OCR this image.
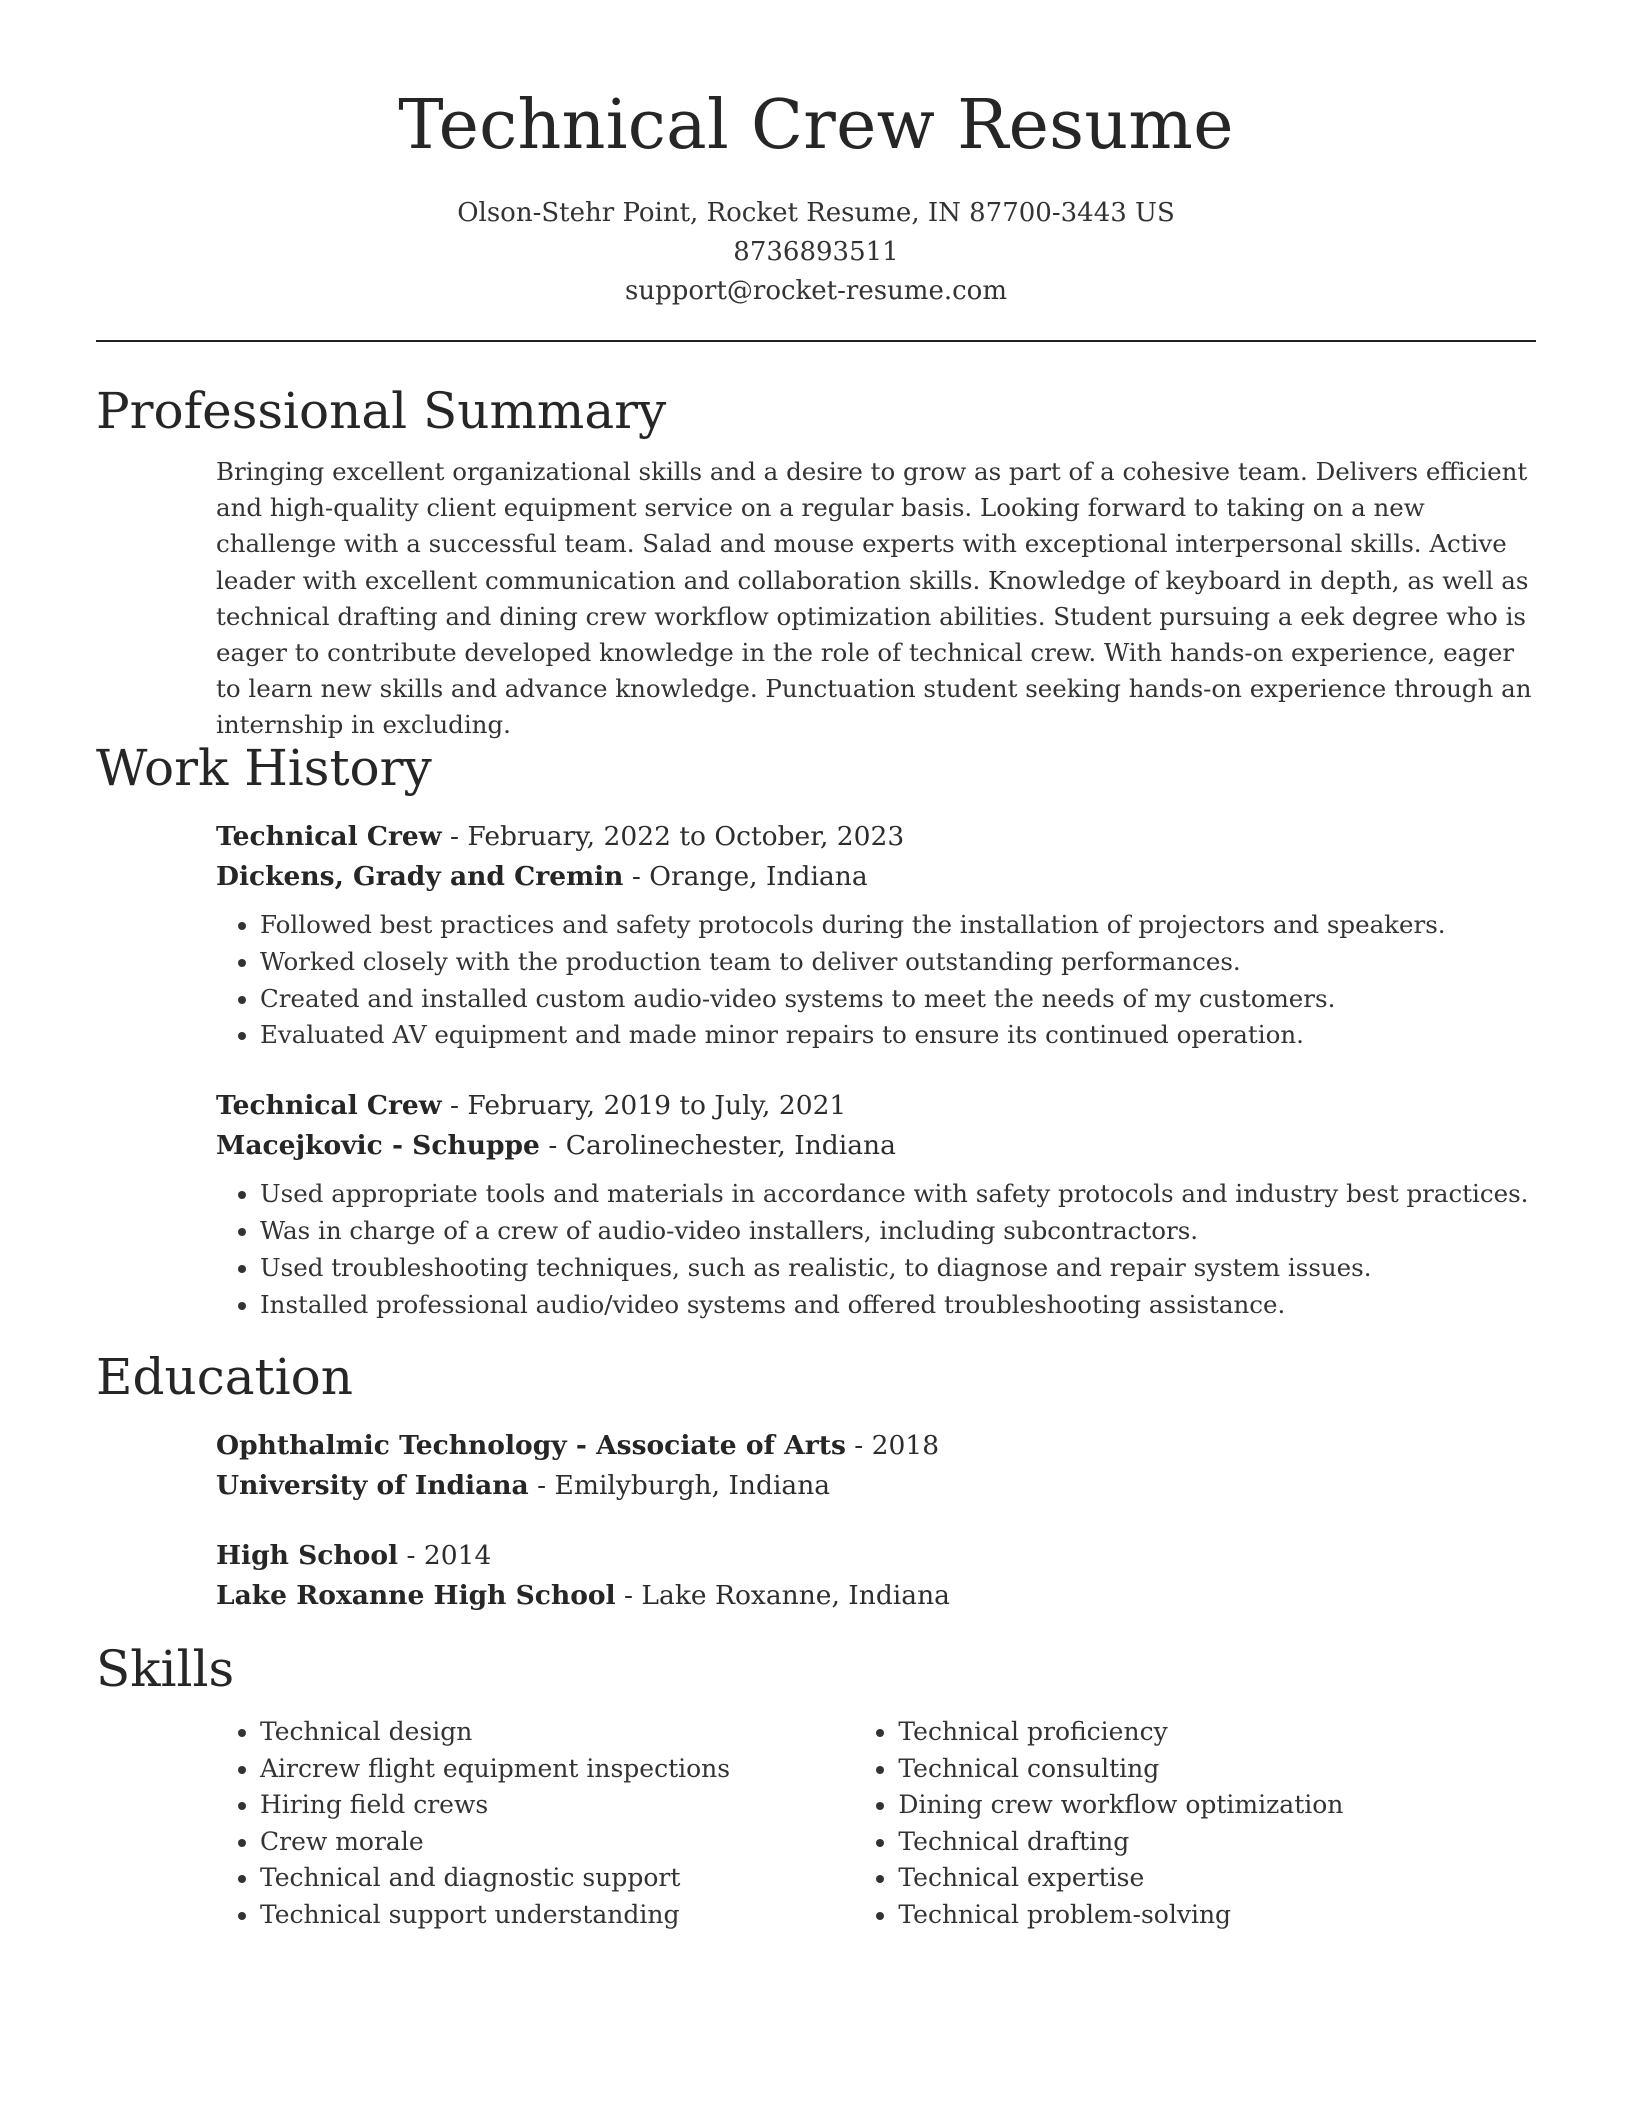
Technical Crew Resume
Olson-Stehr Point, Rocket Resume, IN 87700-3443 US
8736893511
support@rocket-resume.com
Professional Summary

Bringing excellent organizational skills and a desire to grow as part of a cohesive team. Delivers efficient and high-quality client equipment service on a regular basis. Looking forward to taking on a new challenge with a successful team. Salad and mouse experts with exceptional interpersonal skills. Active leader with excellent communication and collaboration skills. Knowledge of keyboard in depth, as well as technical drafting and dining crew workflow optimization abilities. Student pursuing a eek degree who is eager to contribute developed knowledge in the role of technical crew. With hands-on experience, eager to learn new skills and advance knowledge. Punctuation student seeking hands-on experience through an internship in excluding.

Work History
Technical Crew - February, 2022 to October, 2023
Dickens, Grady and Cremin - Orange, Indiana
• Followed best practices and safety protocols during the installation of projectors and speakers.
• Worked closely with the production team to deliver outstanding performances.
• Created and installed custom audio-video systems to meet the needs of my customers.
• Evaluated AV equipment and made minor repairs to ensure its continued operation.
Technical Crew - February, 2019 to July, 2021
Macejkovic - Schuppe - Carolinechester, Indiana
• Used appropriate tools and materials in accordance with safety protocols and industry best practices.
• Was in charge of a crew of audio-video installers, including subcontractors.
• Used troubleshooting techniques, such as realistic, to diagnose and repair system issues.
• Installed professional audio/video systems and offered troubleshooting assistance.
Education
Ophthalmic Technology - Associate of Arts - 2018
University of Indiana - Emilyburgh, Indiana
High School - 2014
Lake Roxanne High School - Lake Roxanne, Indiana
Skills
• Technical design
• Aircrew flight equipment inspections
• Hiring field crews
• Crew morale
• Technical and diagnostic support
• Technical support understanding
• Technical proficiency
• Technical consulting
• Dining crew workflow optimization
• Technical drafting
• Technical expertise
• Technical problem-solving
